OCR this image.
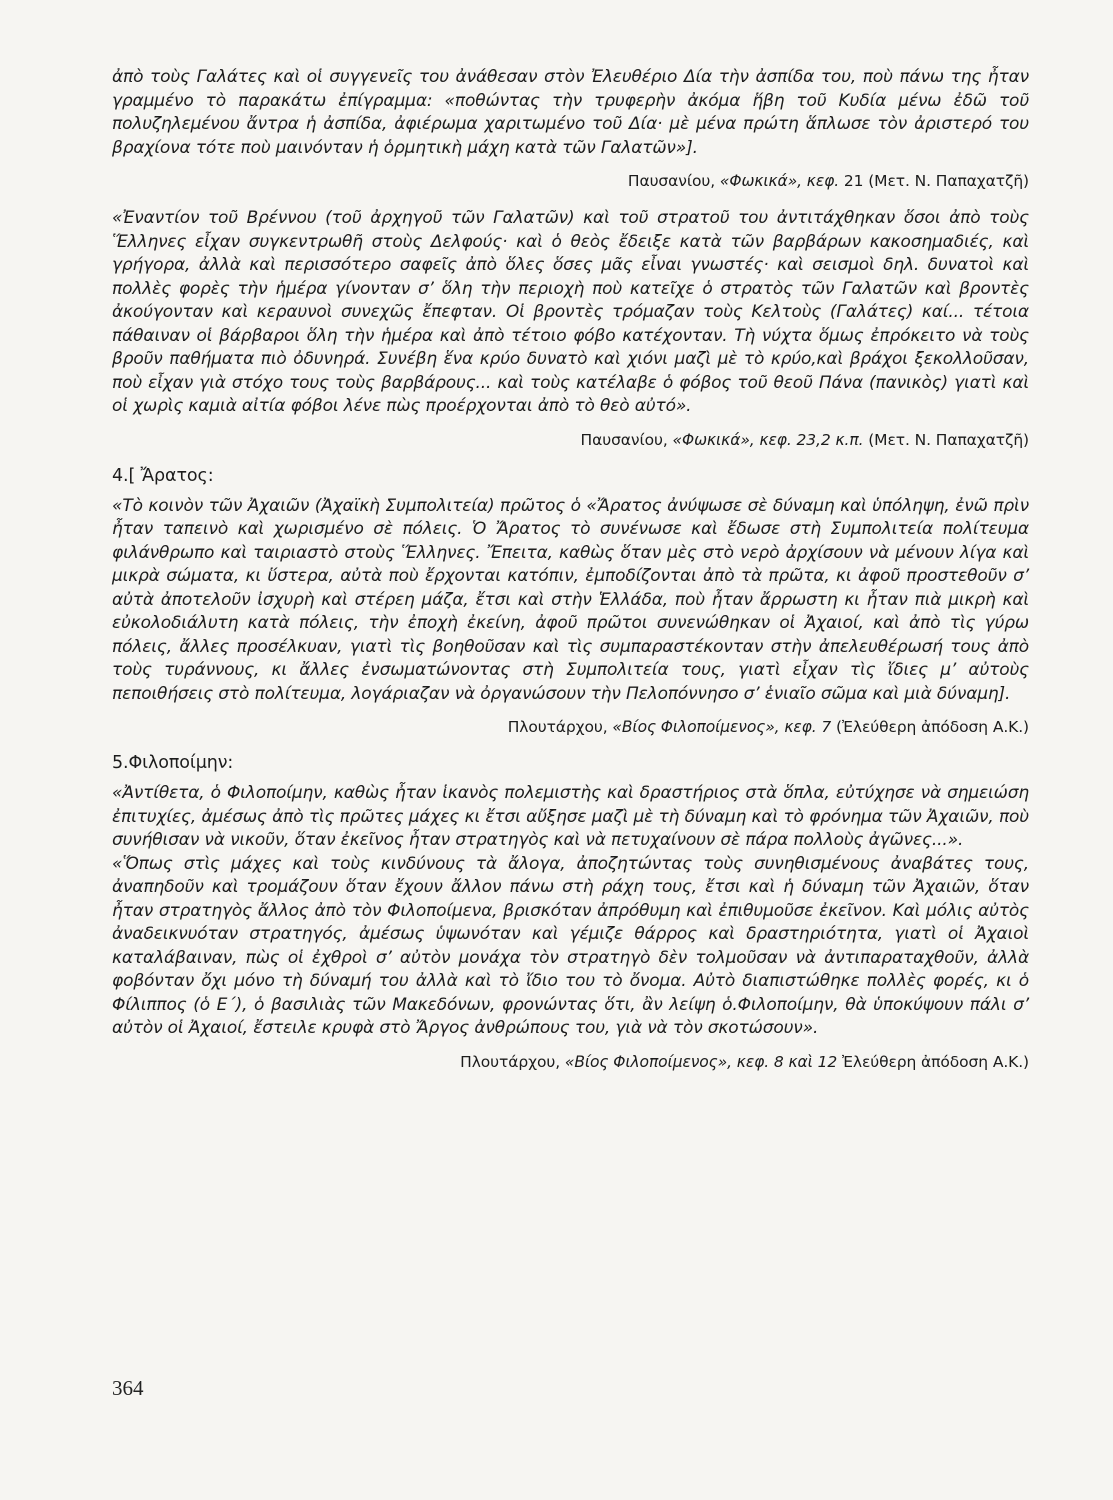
ἀπὸ τοὺς Γαλάτες καὶ οἱ συγγενεῖς του ἀνάθεσαν στὸν Ἐλευθέριο Δία τὴν ἀσπίδα του, ποὺ πάνω της ἦταν γραμμένο τὸ παρακάτω ἐπίγραμμα: «ποθώντας τὴν τρυφερὴν ἀκόμα ἥβη τοῦ Κυδία μένω ἐδῶ τοῦ πολυζηλεμένου ἄντρα ἡ ἀσπίδα, ἀφιέρωμα χαριτωμένο τοῦ Δία· μὲ μένα πρώτη ἅπλωσε τὸν ἀριστερό του βραχίονα τότε ποὺ μαινόνταν ἡ ὁρμητικὴ μάχη κατὰ τῶν Γαλατῶν»].

Παυσανίου, «Φωκικά», κεφ. 21 (Μετ. Ν. Παπαχατζῆ)

«Ἐναντίον τοῦ Βρέννου (τοῦ ἀρχηγοῦ τῶν Γαλατῶν) καὶ τοῦ στρατοῦ του ἀντιτάχθηκαν ὅσοι ἀπὸ τοὺς Ἕλληνες εἶχαν συγκεντρωθῆ στοὺς Δελφούς· καὶ ὁ θεὸς ἔδειξε κατὰ τῶν βαρβάρων κακοσημαδιές, καὶ γρήγορα, ἀλλὰ καὶ περισσότερο σαφεῖς ἀπὸ ὅλες ὅσες μᾶς εἶναι γνωστές· καὶ σεισμοὶ δηλ. δυνατοὶ καὶ πολλὲς φορὲς τὴν ἡμέρα γίνονταν σ’ ὅλη τὴν περιοχὴ ποὺ κατεῖχε ὁ στρατὸς τῶν Γαλατῶν καὶ βροντὲς ἀκούγονταν καὶ κεραυνοὶ συνεχῶς ἔπεφταν. Οἱ βροντὲς τρόμαζαν τοὺς Κελτοὺς (Γαλάτες) καί... τέτοια πάθαιναν οἱ βάρβαροι ὅλη τὴν ἡμέρα καὶ ἀπὸ τέτοιο φόβο κατέχονταν. Τὴ νύχτα ὅμως ἐπρόκειτο νὰ τοὺς βροῦν παθήματα πιὸ ὀδυνηρά. Συνέβη ἕνα κρύο δυνατὸ καὶ χιόνι μαζὶ μὲ τὸ κρύο,καὶ βράχοι ξεκολλοῦσαν, ποὺ εἶχαν γιὰ στόχο τους τοὺς βαρβάρους... καὶ τοὺς κατέλαβε ὁ φόβος τοῦ θεοῦ Πάνα (πανικὸς) γιατὶ καὶ οἱ χωρὶς καμιὰ αἰτία φόβοι λένε πὼς προέρχονται ἀπὸ τὸ θεὸ αὐτό».

Παυσανίου, «Φωκικά», κεφ. 23,2 κ.π. (Μετ. Ν. Παπαχατζῆ)
4.[ Ἄρατος:

«Τὸ κοινὸν τῶν Ἀχαιῶν (Ἀχαϊκὴ Συμπολιτεία) πρῶτος ὁ «Ἄρατος ἀνύψωσε σὲ δύναμη καὶ ὑπόληψη, ἐνῶ πρὶν ἦταν ταπεινὸ καὶ χωρισμένο σὲ πόλεις. Ὁ Ἄρατος τὸ συνένωσε καὶ ἔδωσε στὴ Συμπολιτεία πολίτευμα φιλάνθρωπο καὶ ταιριαστὸ στοὺς Ἕλληνες. Ἔπειτα, καθὼς ὅταν μὲς στὸ νερὸ ἀρχίσουν νὰ μένουν λίγα καὶ μικρὰ σώματα, κι ὕστερα, αὐτὰ ποὺ ἔρχονται κατόπιν, ἐμποδίζονται ἀπὸ τὰ πρῶτα, κι ἀφοῦ προστεθοῦν σ’ αὐτὰ ἀποτελοῦν ἰσχυρὴ καὶ στέρεη μάζα, ἔτσι καὶ στὴν Ἑλλάδα, ποὺ ἦταν ἄρρωστη κι ἦταν πιὰ μικρὴ καὶ εὐκολοδιάλυτη κατὰ πόλεις, τὴν ἐποχὴ ἐκείνη, ἀφοῦ πρῶτοι συνενώθηκαν οἱ Ἀχαιοί, καὶ ἀπὸ τὶς γύρω πόλεις, ἄλλες προσέλκυαν, γιατὶ τὶς βοηθοῦσαν καὶ τὶς συμπαραστέκονταν στὴν ἀπελευθέρωσή τους ἀπὸ τοὺς τυράννους, κι ἄλλες ἐνσωματώνοντας στὴ Συμπολιτεία τους, γιατὶ εἶχαν τὶς ἴδιες μ’ αὐτοὺς πεποιθήσεις στὸ πολίτευμα, λογάριαζαν νὰ ὀργανώσουν τὴν Πελοπόννησο σ’ ἑνιαῖο σῶμα καὶ μιὰ δύναμη].

Πλουτάρχου, «Βίος Φιλοποίμενος», κεφ. 7 (Ἐλεύθερη ἀπόδοση Α.Κ.)
5.Φιλοποίμην:

«Ἀντίθετα, ὁ Φιλοποίμην, καθὼς ἦταν ἱκανὸς πολεμιστὴς καὶ δραστήριος στὰ ὅπλα, εὐτύχησε νὰ σημειώση ἐπιτυχίες, ἀμέσως ἀπὸ τὶς πρῶτες μάχες κι ἔτσι αὔξησε μαζὶ μὲ τὴ δύναμη καὶ τὸ φρόνημα τῶν Ἀχαιῶν, ποὺ συνήθισαν νὰ νικοῦν, ὅταν ἐκεῖνος ἦταν στρατηγὸς καὶ νὰ πετυχαίνουν σὲ πάρα πολλοὺς ἀγῶνες...».

«Ὅπως στὶς μάχες καὶ τοὺς κινδύνους τὰ ἄλογα, ἀποζητώντας τοὺς συνηθισμένους ἀναβάτες τους, ἀναπηδοῦν καὶ τρομάζουν ὅταν ἔχουν ἄλλον πάνω στὴ ράχη τους, ἔτσι καὶ ἡ δύναμη τῶν Ἀχαιῶν, ὅταν ἦταν στρατηγὸς ἄλλος ἀπὸ τὸν Φιλοποίμενα, βρισκόταν ἀπρόθυμη καὶ ἐπιθυμοῦσε ἐκεῖνον. Καὶ μόλις αὐτὸς ἀναδεικνυόταν στρατηγός, ἀμέσως ὑψωνόταν καὶ γέμιζε θάρρος καὶ δραστηριότητα, γιατὶ οἱ Ἀχαιοὶ καταλάβαιναν, πὼς οἱ ἐχθροὶ σ’ αὐτὸν μονάχα τὸν στρατηγὸ δὲν τολμοῦσαν νὰ ἀντιπαραταχθοῦν, ἀλλὰ φοβόνταν ὄχι μόνο τὴ δύναμή του ἀλλὰ καὶ τὸ ἴδιο του τὸ ὄνομα. Αὐτὸ διαπιστώθηκε πολλὲς φορές, κι ὁ Φίλιππος (ὁ Ε΄), ὁ βασιλιὰς τῶν Μακεδόνων, φρονώντας ὅτι, ἂν λείψη ὁ.Φιλοποίμην, θὰ ὑποκύψουν πάλι σ’ αὐτὸν οἱ Ἀχαιοί, ἔστειλε κρυφὰ στὸ Ἄργος ἀνθρώπους του, γιὰ νὰ τὸν σκοτώσουν».

Πλουτάρχου, «Βίος Φιλοποίμενος», κεφ. 8 καὶ 12 Ἐλεύθερη ἀπόδοση Α.Κ.)
364
